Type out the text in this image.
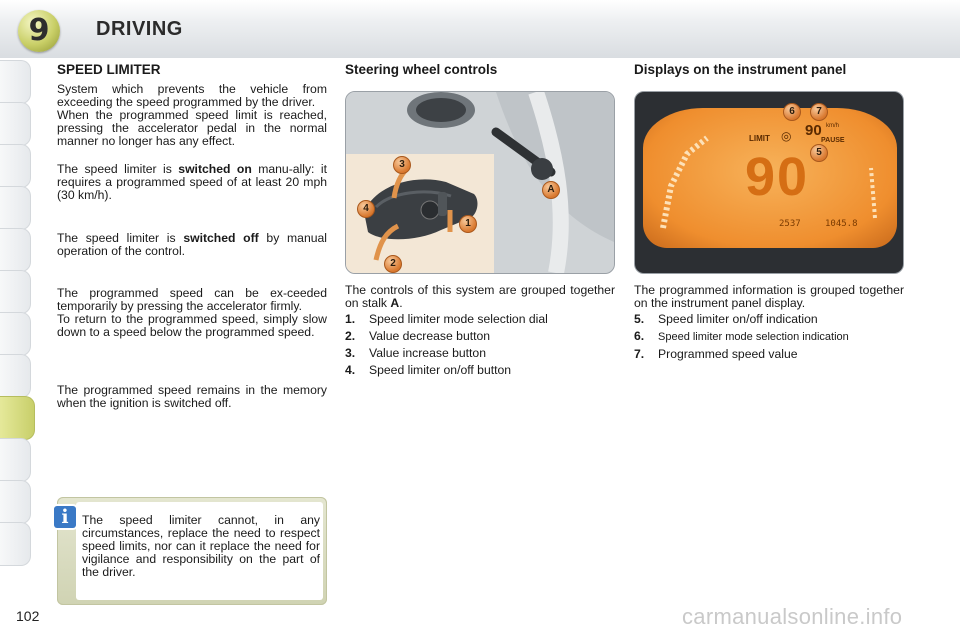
9	DRIVING
SPEED LIMITER

System which prevents the vehicle from exceeding the speed programmed by the driver.

When the programmed speed limit is reached, pressing the accelerator pedal in the normal manner no longer has any effect.

The speed limiter is switched on manu-ally: it requires a programmed speed of at least 20 mph (30 km/h).

The speed limiter is switched off by manual operation of the control.

The programmed speed can be ex-ceeded temporarily by pressing the accelerator firmly.

To return to the programmed speed, simply slow down to a speed below the programmed speed.

The programmed speed remains in the memory when the ignition is switched off.

i	The speed limiter cannot, in any circumstances, replace the need to respect speed limits, nor can it replace the need for vigilance and responsibility on the part of the driver.
Steering wheel controls
3
4
1
2
A
The controls of this system are grouped together on stalk A.
1. Speed limiter mode selection dial
2. Value decrease button
3. Value increase button
4. Speed limiter on/off button
Displays on the instrument panel
LIMIT ◎ 90 km/h
PAUSE
90
2537	1045.8
6	7
5
The programmed information is grouped together on the instrument panel display.
5. Speed limiter on/off indication
6. Speed limiter mode selection indication
7. Programmed speed value
102	carmanualsonline.info
